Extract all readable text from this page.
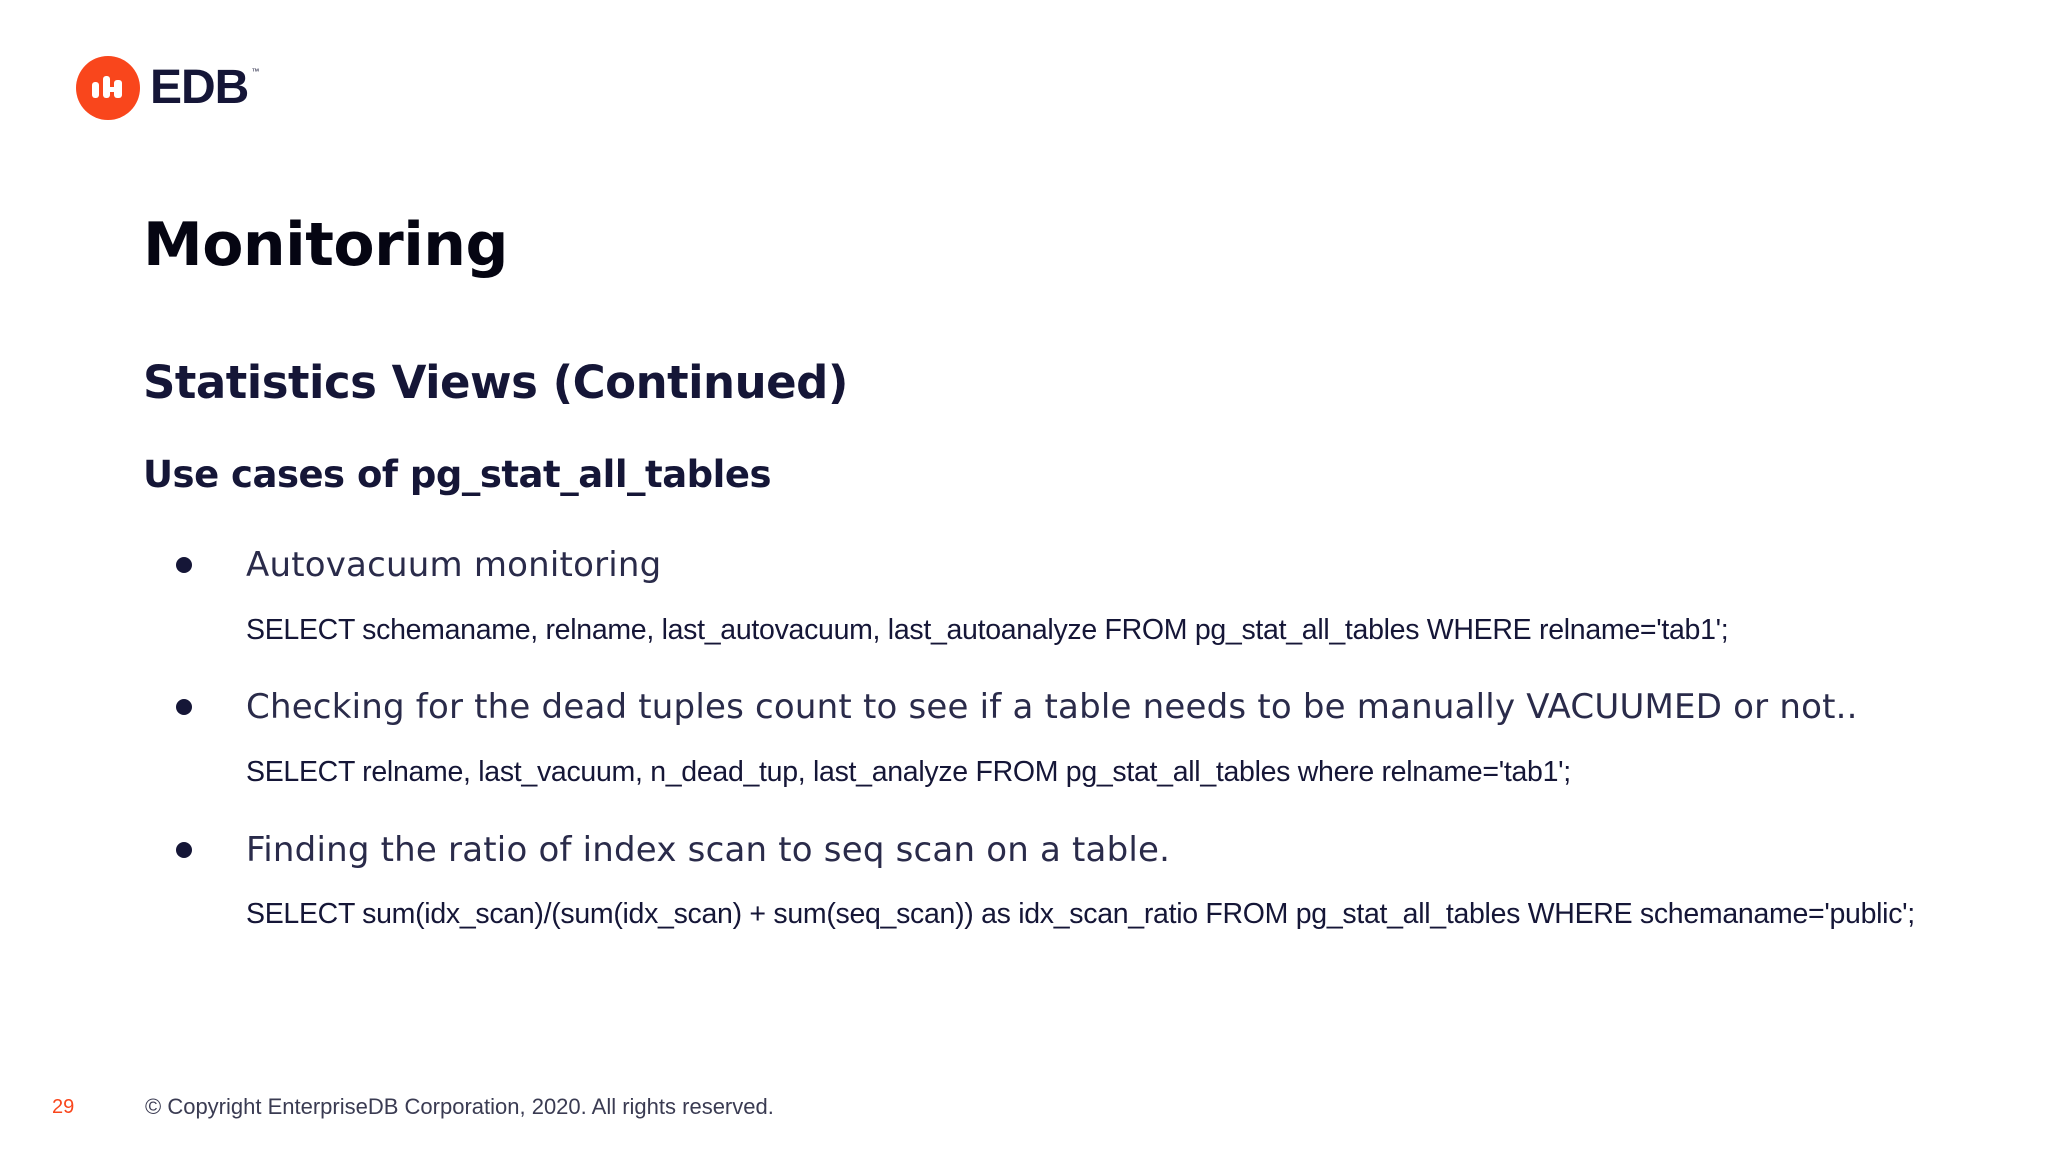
EDB ™
Monitoring
Statistics Views (Continued)
Use cases of pg_stat_all_tables
Autovacuum monitoring
SELECT schemaname, relname, last_autovacuum, last_autoanalyze FROM pg_stat_all_tables WHERE relname='tab1';
Checking for the dead tuples count to see if a table needs to be manually VACUUMED or not..
SELECT relname, last_vacuum, n_dead_tup, last_analyze FROM pg_stat_all_tables where relname='tab1';
Finding the ratio of index scan to seq scan on a table.
SELECT sum(idx_scan)/(sum(idx_scan) + sum(seq_scan)) as idx_scan_ratio FROM pg_stat_all_tables WHERE schemaname='public';
29	© Copyright EnterpriseDB Corporation, 2020. All rights reserved.
